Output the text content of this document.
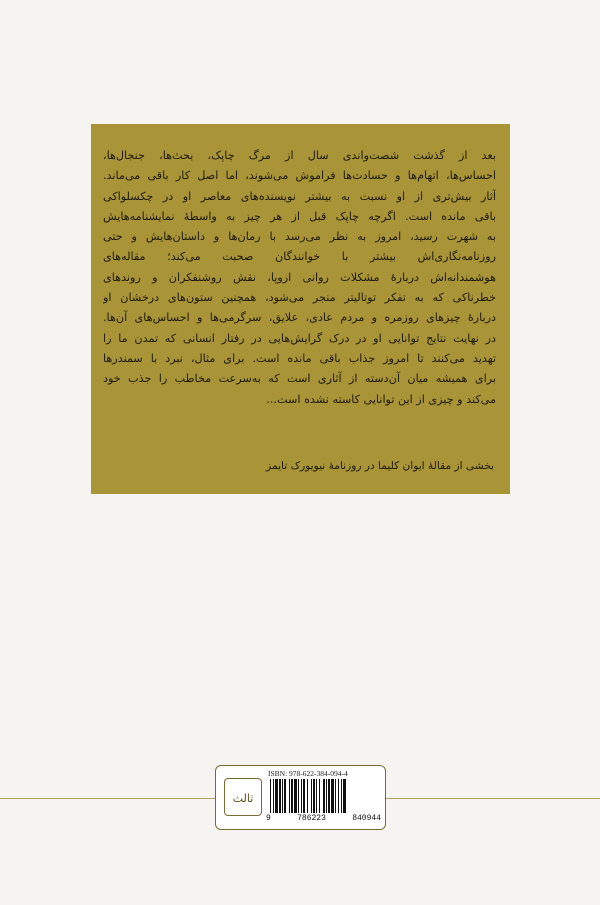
بعد از گذشت شصت‌واندی سال از مرگ چاپک، بحث‌ها، جنجال‌ها،
احساس‌ها، اتهام‌ها و حسادت‌ها فراموش می‌شوند، اما اصل کار باقی می‌ماند.
آثار بیش‌تری از او نسبت به بیشتر نویسنده‌های معاصر او در چکسلواکی
باقی مانده است. اگرچه چاپک قبل از هر چیز به واسطهٔ نمایشنامه‌هایش
به شهرت رسید، امروز به نظر می‌رسد با رمان‌ها و داستان‌هایش و حتی
روزنامه‌نگاری‌اش بیشتر با خوانندگان صحبت می‌کند؛ مقاله‌های
هوشمندانه‌اش دربارهٔ مشکلات روانی اروپا، نقش روشنفکران و روندهای
خطرناکی که به تفکر توتالیتر منجر می‌شود، همچنین ستون‌های درخشان او
دربارهٔ چیزهای روزمره و مردم عادی، علایق، سرگرمی‌ها و احساس‌های آن‌ها.
در نهایت نتایج توانایی او در درک گرایش‌هایی در رفتار انسانی که تمدن ما را
تهدید می‌کنند تا امروز جذاب باقی مانده است. برای مثال، نبرد با سمندرها
برای همیشه میان آن‌دسته از آثاری است که به‌سرعت مخاطب را جذب خود
می‌کند و چیزی از این توانایی کاسته نشده است...
بخشی از مقالهٔ ایوان کلیما در روزنامهٔ نیویورک تایمز
ثالث
ISBN: 978-622-384-094-4
9	786223	840944
